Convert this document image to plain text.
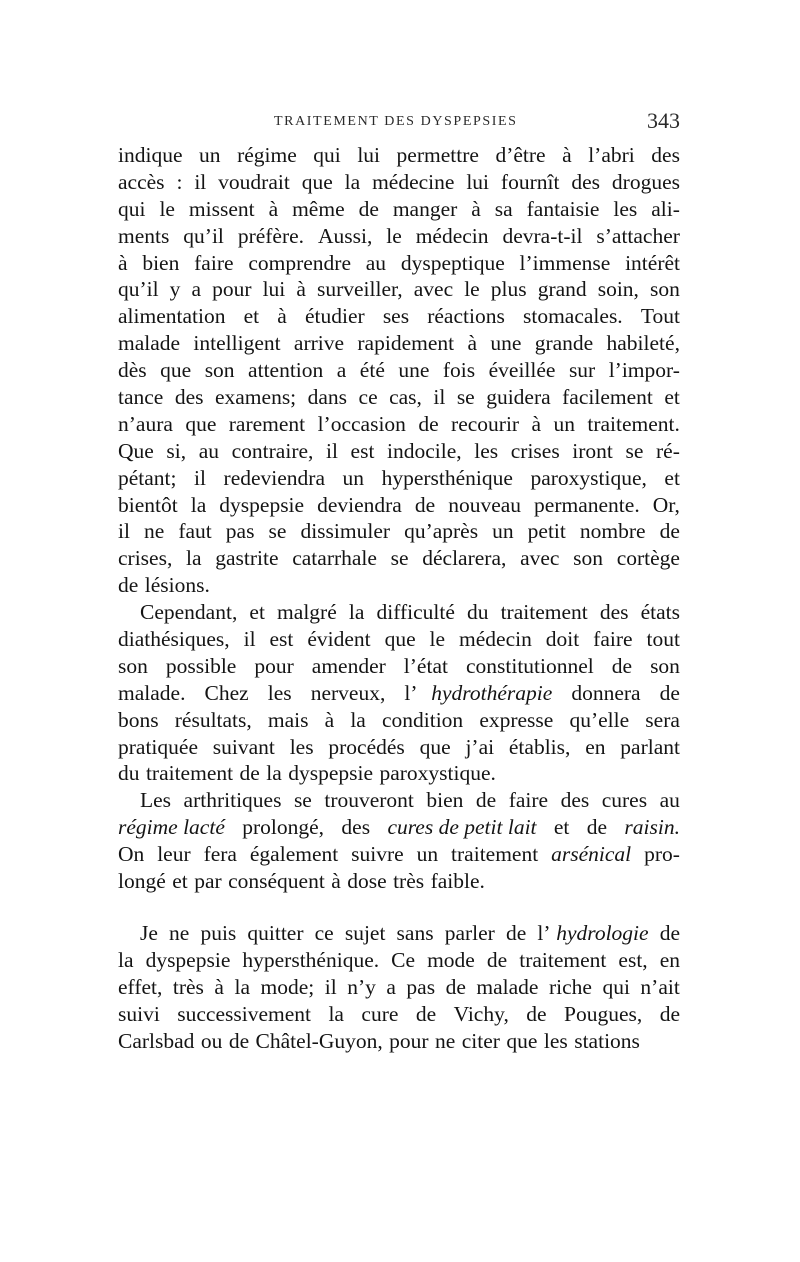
TRAITEMENT DES DYSPEPSIES	343
indique un régime qui lui permettre d’être à l’abri des
accès : il voudrait que la médecine lui fournît des drogues
qui le missent à même de manger à sa fantaisie les ali-
ments qu’il préfère. Aussi, le médecin devra-t-il s’attacher
à bien faire comprendre au dyspeptique l’immense intérêt
qu’il y a pour lui à surveiller, avec le plus grand soin, son
alimentation et à étudier ses réactions stomacales. Tout
malade intelligent arrive rapidement à une grande habileté,
dès que son attention a été une fois éveillée sur l’impor-
tance des examens; dans ce cas, il se guidera facilement et
n’aura que rarement l’occasion de recourir à un traitement.
Que si, au contraire, il est indocile, les crises iront se ré-
pétant; il redeviendra un hypersthénique paroxystique, et
bientôt la dyspepsie deviendra de nouveau permanente. Or,
il ne faut pas se dissimuler qu’après un petit nombre de
crises, la gastrite catarrhale se déclarera, avec son cortège
de lésions.
Cependant, et malgré la difficulté du traitement des états
diathésiques, il est évident que le médecin doit faire tout
son possible pour amender l’état constitutionnel de son
malade. Chez les nerveux, l’ hydrothérapie donnera de
bons résultats, mais à la condition expresse qu’elle sera
pratiquée suivant les procédés que j’ai établis, en parlant
du traitement de la dyspepsie paroxystique.
Les arthritiques se trouveront bien de faire des cures au
régime lacté prolongé, des cures de petit lait et de raisin.
On leur fera également suivre un traitement arsénical pro-
longé et par conséquent à dose très faible.
Je ne puis quitter ce sujet sans parler de l’ hydrologie de
la dyspepsie hypersthénique. Ce mode de traitement est, en
effet, très à la mode; il n’y a pas de malade riche qui n’ait
suivi successivement la cure de Vichy, de Pougues, de
Carlsbad ou de Châtel-Guyon, pour ne citer que les stations
